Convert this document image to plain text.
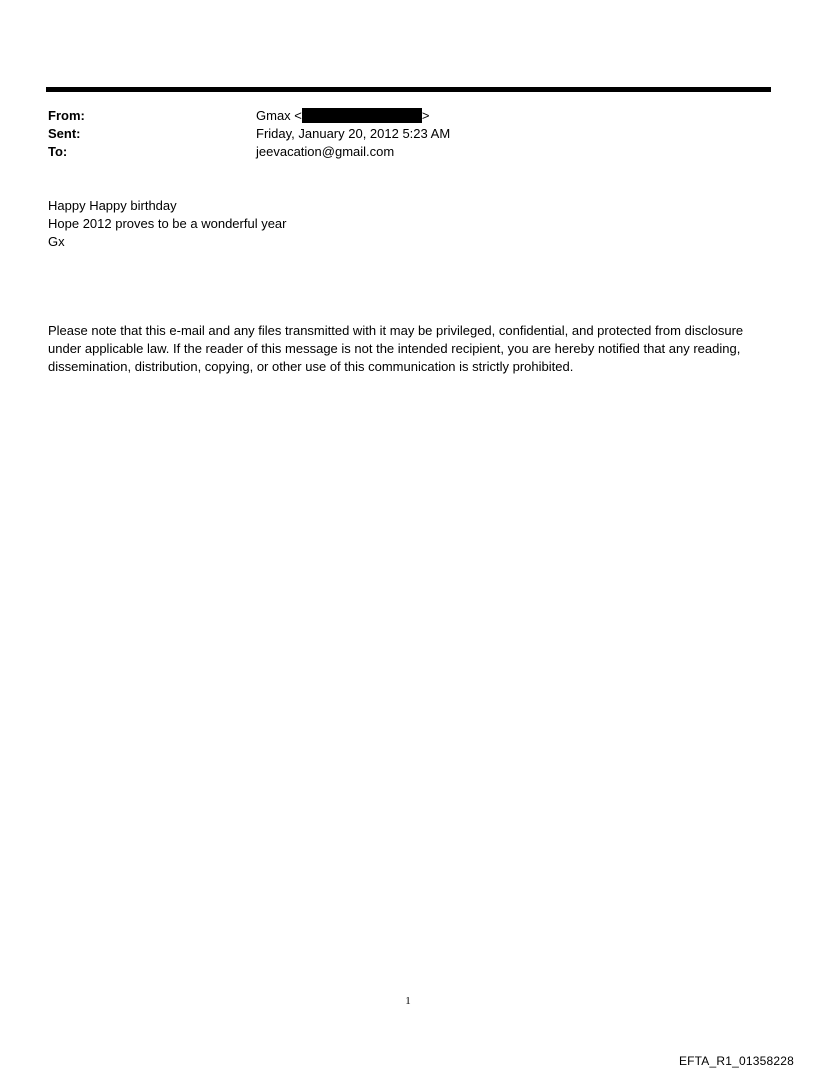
From:	Gmax <	>
Sent:	Friday, January 20, 2012 5:23 AM
To:	jeevacation@gmail.com
Happy Happy birthday
Hope 2012 proves to be a wonderful year
Gx
Please note that this e-mail and any files transmitted with it may be privileged, confidential, and protected from disclosure under applicable law. If the reader of this message is not the intended recipient, you are hereby notified that any reading, dissemination, distribution, copying, or other use of this communication is strictly prohibited.
1
EFTA_R1_01358228
